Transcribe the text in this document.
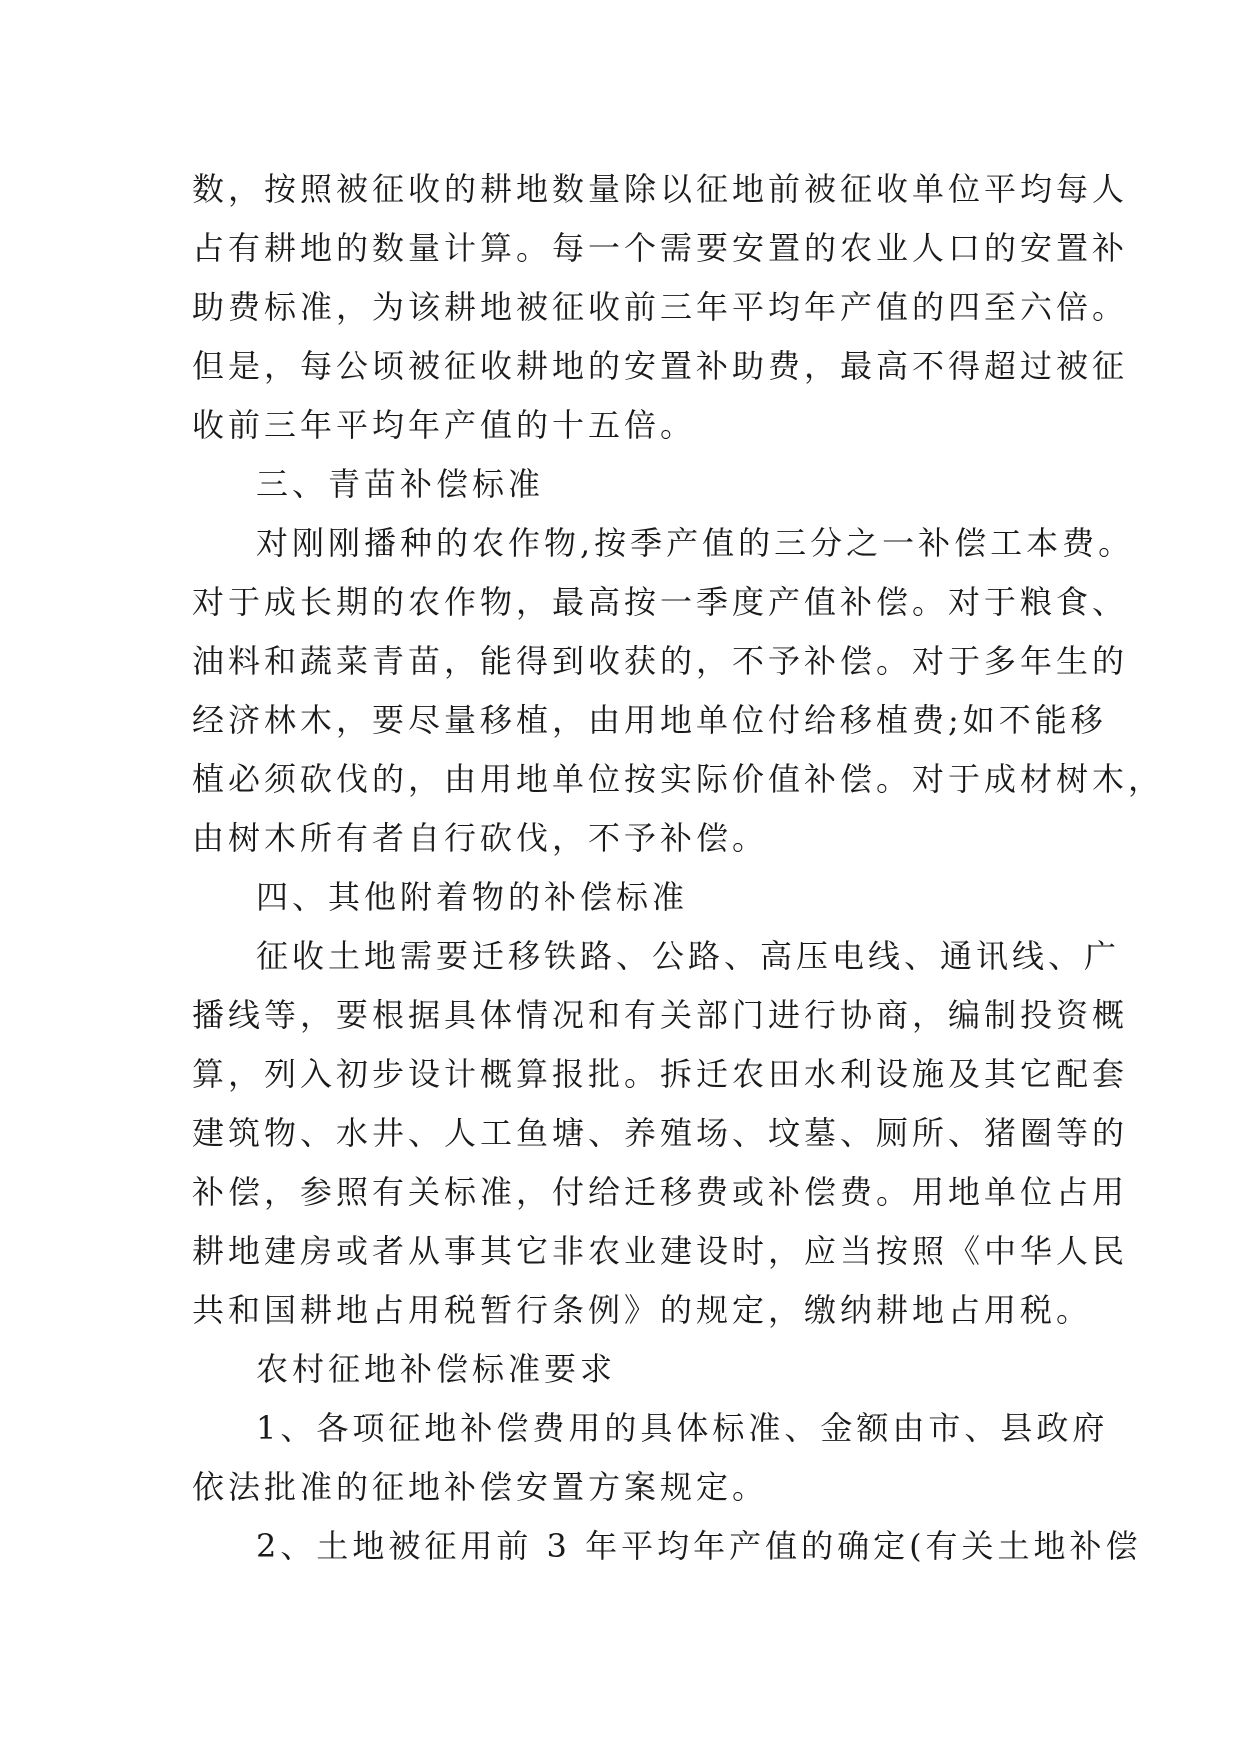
数，按照被征收的耕地数量除以征地前被征收单位平均每人
占有耕地的数量计算。每一个需要安置的农业人口的安置补
助费标准，为该耕地被征收前三年平均年产值的四至六倍。
但是，每公顷被征收耕地的安置补助费，最高不得超过被征
收前三年平均年产值的十五倍。
三、青苗补偿标准
对刚刚播种的农作物,按季产值的三分之一补偿工本费。
对于成长期的农作物，最高按一季度产值补偿。对于粮食、
油料和蔬菜青苗，能得到收获的，不予补偿。对于多年生的
经济林木，要尽量移植，由用地单位付给移植费;如不能移
植必须砍伐的，由用地单位按实际价值补偿。对于成材树木，
由树木所有者自行砍伐，不予补偿。
四、其他附着物的补偿标准
征收土地需要迁移铁路、公路、高压电线、通讯线、广
播线等，要根据具体情况和有关部门进行协商，编制投资概
算，列入初步设计概算报批。拆迁农田水利设施及其它配套
建筑物、水井、人工鱼塘、养殖场、坟墓、厕所、猪圈等的
补偿，参照有关标准，付给迁移费或补偿费。用地单位占用
耕地建房或者从事其它非农业建设时，应当按照《中华人民
共和国耕地占用税暂行条例》的规定，缴纳耕地占用税。
农村征地补偿标准要求
1、各项征地补偿费用的具体标准、金额由市、县政府
依法批准的征地补偿安置方案规定。
2、土地被征用前 3 年平均年产值的确定(有关土地补偿
